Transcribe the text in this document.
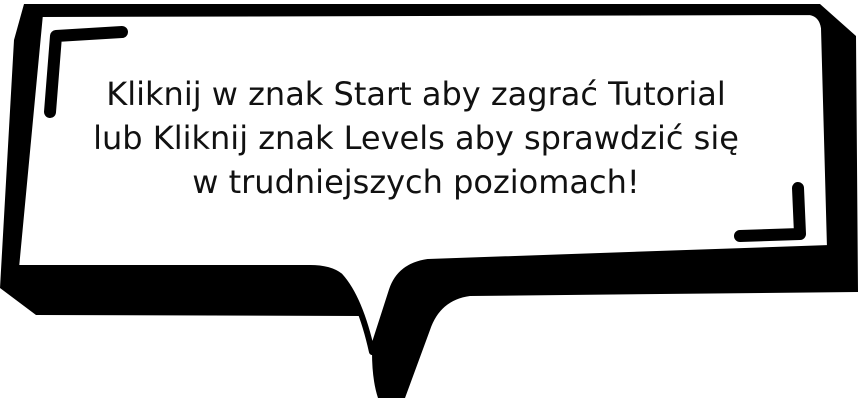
Kliknij w znak Start aby zagrać Tutorial
lub Kliknij znak Levels aby sprawdzić się
w trudniejszych poziomach!
